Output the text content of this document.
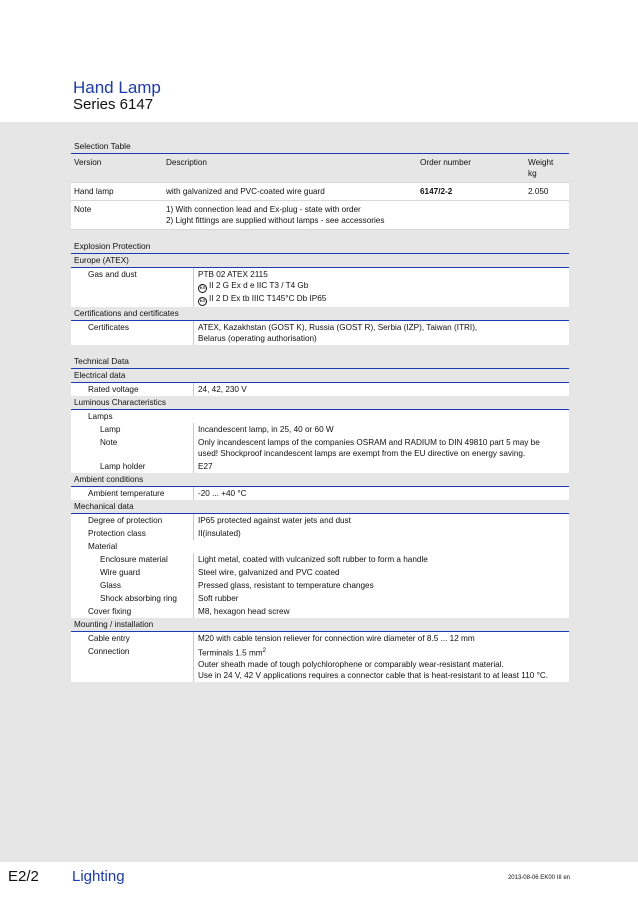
Hand Lamp
Series 6147
Selection Table
Version	Description	Order number	Weight
kg
Hand lamp	with galvanized and PVC-coated wire guard	6147/2-2	2.050
Note	1) With connection lead and Ex-plug - state with order
2) Light fittings are supplied without lamps - see accessories
Explosion Protection
Europe (ATEX)
Gas and dust	PTB 02 ATEX 2115
Ex II 2 G Ex d e IIC T3 / T4 Gb
Ex II 2 D Ex tb IIIC T145°C Db IP65
Certifications and certificates
Certificates	ATEX, Kazakhstan (GOST K), Russia (GOST R), Serbia (IZP), Taiwan (ITRI),
Belarus (operating authorisation)
Technical Data
Electrical data
Rated voltage	24, 42, 230 V
Luminous Characteristics
Lamps
Lamp	Incandescent lamp, in 25, 40 or 60 W
Note	Only incandescent lamps of the companies OSRAM and RADIUM to DIN 49810 part 5 may be
used! Shockproof incandescent lamps are exempt from the EU directive on energy saving.
Lamp holder	E27
Ambient conditions
Ambient temperature	-20 ... +40 °C
Mechanical data
Degree of protection	IP65 protected against water jets and dust
Protection class	II(insulated)
Material
Enclosure material	Light metal, coated with vulcanized soft rubber to form a handle
Wire guard	Steel wire, galvanized and PVC coated
Glass	Pressed glass, resistant to temperature changes
Shock absorbing ring	Soft rubber
Cover fixing	M8, hexagon head screw
Mounting / installation
Cable entry	M20 with cable tension reliever for connection wire diameter of 8.5 ... 12 mm
Connection	Terminals 1.5 $mm^2$
Outer sheath made of tough polychlorophene or comparably wear-resistant material.
Use in 24 V, 42 V applications requires a connector cable that is heat-resistant to at least 110 °C.
E2/2 Lighting	2013-08-06 EK00 III en
